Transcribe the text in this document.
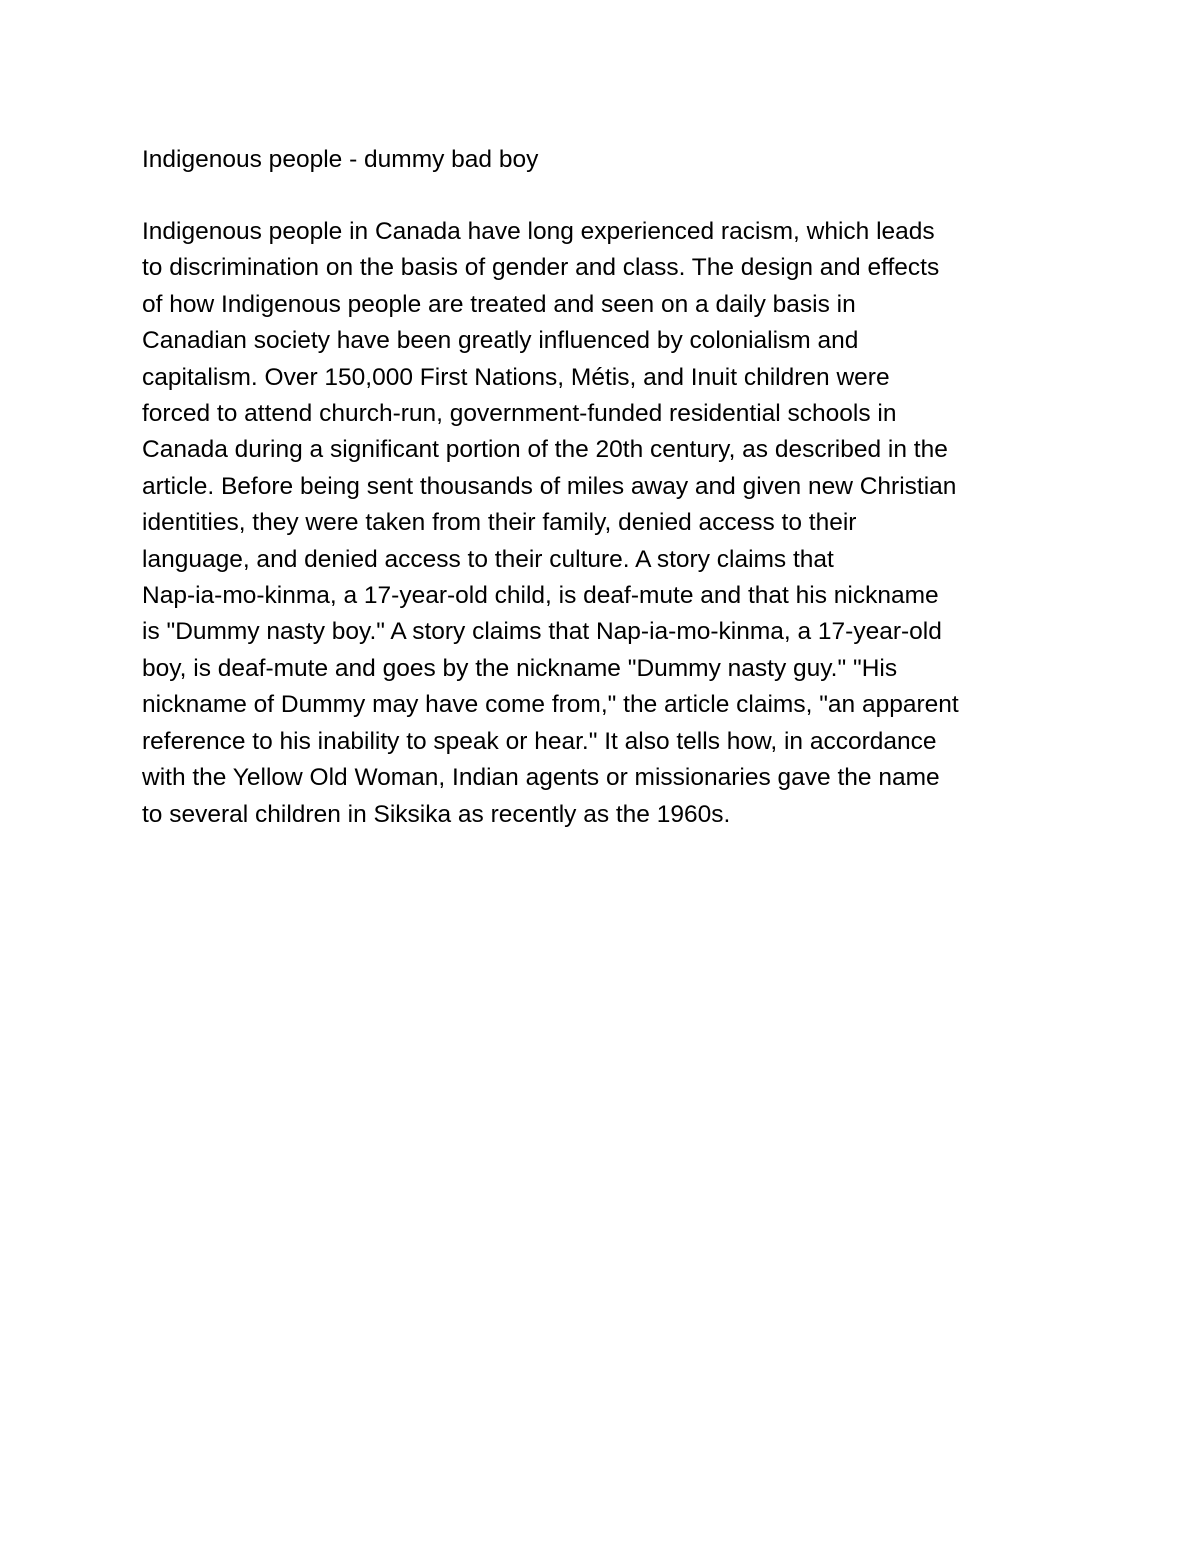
Indigenous people - dummy bad boy

Indigenous people in Canada have long experienced racism, which leads
to discrimination on the basis of gender and class. The design and effects
of how Indigenous people are treated and seen on a daily basis in
Canadian society have been greatly influenced by colonialism and
capitalism. Over 150,000 First Nations, Métis, and Inuit children were
forced to attend church-run, government-funded residential schools in
Canada during a significant portion of the 20th century, as described in the
article. Before being sent thousands of miles away and given new Christian
identities, they were taken from their family, denied access to their
language, and denied access to their culture. A story claims that
Nap-ia-mo-kinma, a 17-year-old child, is deaf-mute and that his nickname
is "Dummy nasty boy." A story claims that Nap-ia-mo-kinma, a 17-year-old
boy, is deaf-mute and goes by the nickname "Dummy nasty guy." "His
nickname of Dummy may have come from," the article claims, "an apparent
reference to his inability to speak or hear." It also tells how, in accordance
with the Yellow Old Woman, Indian agents or missionaries gave the name
to several children in Siksika as recently as the 1960s.
